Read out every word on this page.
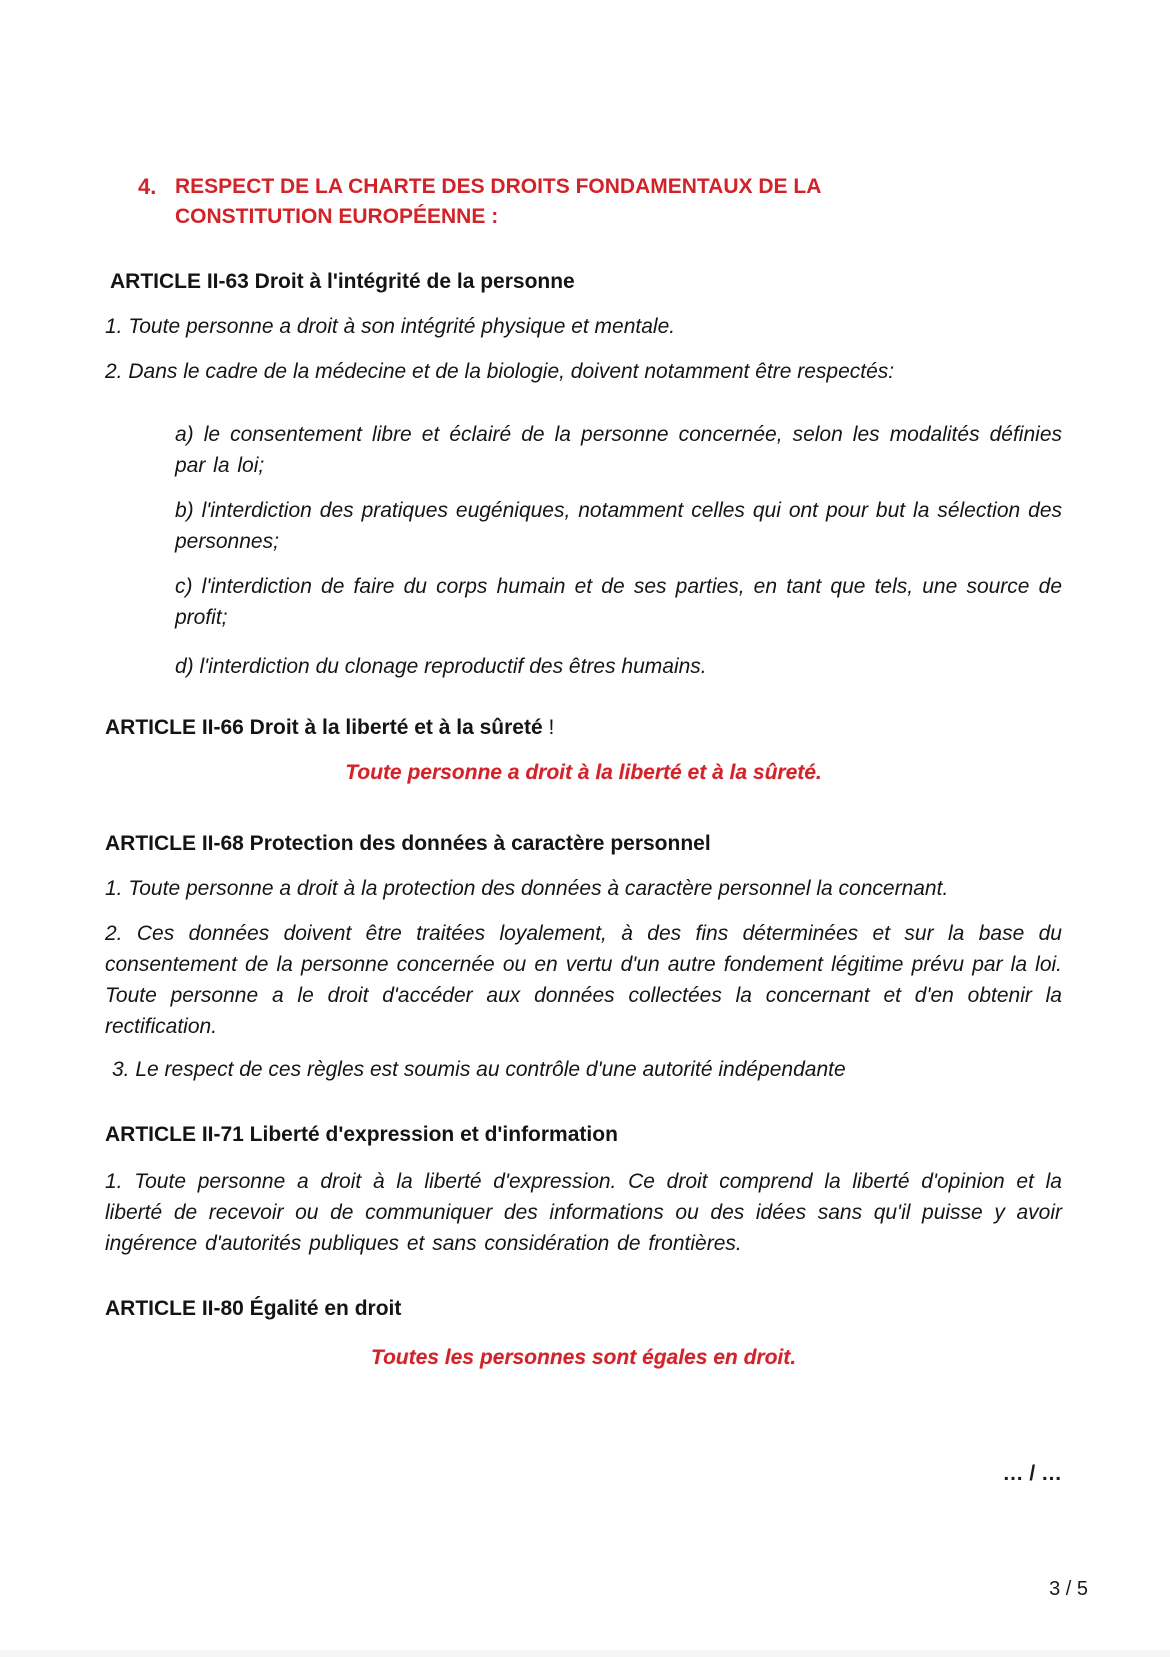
4. RESPECT DE LA CHARTE DES DROITS FONDAMENTAUX DE LA CONSTITUTION EUROPÉENNE :
ARTICLE II-63 Droit à l'intégrité de la personne

1. Toute personne a droit à son intégrité physique et mentale.

2. Dans le cadre de la médecine et de la biologie, doivent notamment être respectés:

a) le consentement libre et éclairé de la personne concernée, selon les modalités définies par la loi;

b) l'interdiction des pratiques eugéniques, notamment celles qui ont pour but la sélection des personnes;

c) l'interdiction de faire du corps humain et de ses parties, en tant que tels, une source de profit;

d) l'interdiction du clonage reproductif des êtres humains.

ARTICLE II-66 Droit à la liberté et à la sûreté !

Toute personne a droit à la liberté et à la sûreté.

ARTICLE II-68 Protection des données à caractère personnel

1. Toute personne a droit à la protection des données à caractère personnel la concernant.

2. Ces données doivent être traitées loyalement, à des fins déterminées et sur la base du consentement de la personne concernée ou en vertu d'un autre fondement légitime prévu par la loi. Toute personne a le droit d'accéder aux données collectées la concernant et d'en obtenir la rectification.

3. Le respect de ces règles est soumis au contrôle d'une autorité indépendante

ARTICLE II-71 Liberté d'expression et d'information

1. Toute personne a droit à la liberté d'expression. Ce droit comprend la liberté d'opinion et la liberté de recevoir ou de communiquer des informations ou des idées sans qu'il puisse y avoir ingérence d'autorités publiques et sans considération de frontières.

ARTICLE II-80 Égalité en droit

Toutes les personnes sont égales en droit.

… / …
3 / 5
